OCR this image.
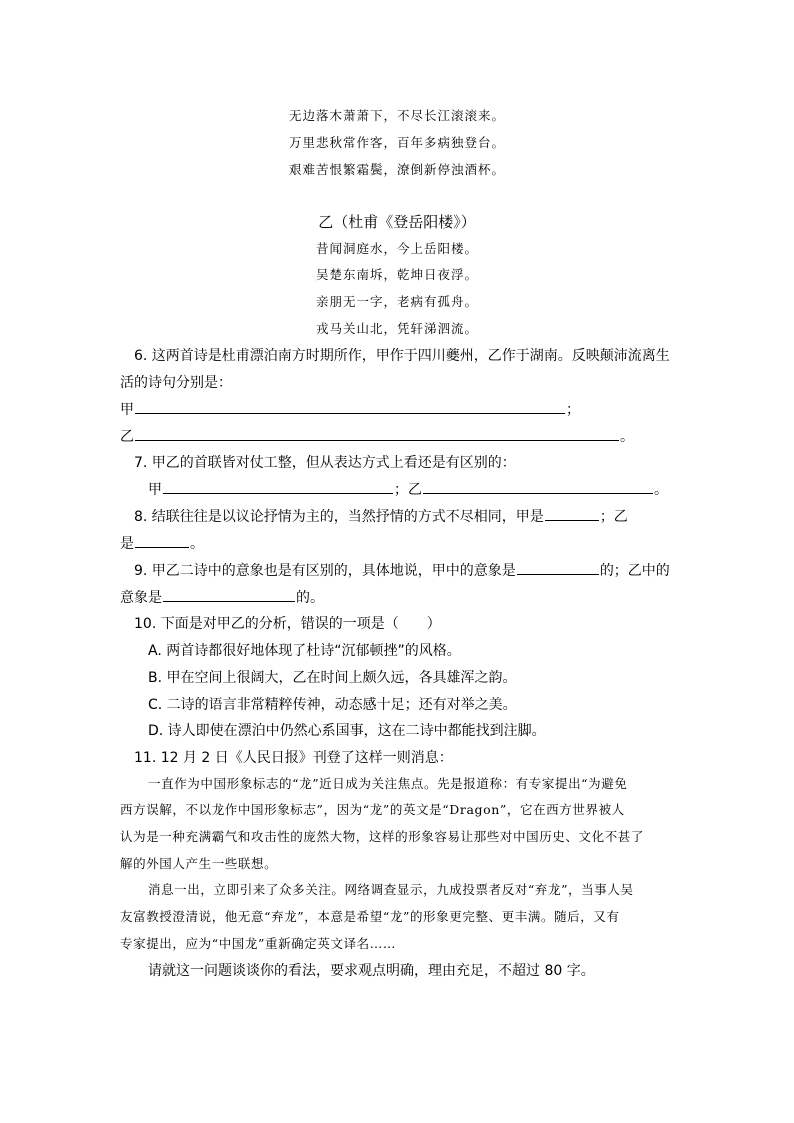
无边落木萧萧下，不尽长江滚滚来。
万里悲秋常作客，百年多病独登台。
艰难苦恨繁霜鬓，潦倒新停浊酒杯。
乙（杜甫《登岳阳楼》）
昔闻洞庭水，今上岳阳楼。
吴楚东南坼，乾坤日夜浮。
亲朋无一字，老病有孤舟。
戎马关山北，凭轩涕泗流。
6. 这两首诗是杜甫漂泊南方时期所作，甲作于四川夔州，乙作于湖南。反映颠沛流离生
活的诗句分别是：
甲	；
乙	。
7. 甲乙的首联皆对仗工整，但从表达方式上看还是有区别的：
甲	；乙	。
8. 结联往往是以议论抒情为主的，当然抒情的方式不尽相同，甲是	；乙
是	。
9. 甲乙二诗中的意象也是有区别的，具体地说，甲中的意象是	的；乙中的
意象是	的。
10. 下面是对甲乙的分析，错误的一项是（　　）
A. 两首诗都很好地体现了杜诗“沉郁顿挫”的风格。
B. 甲在空间上很阔大，乙在时间上颇久远，各具雄浑之韵。
C. 二诗的语言非常精粹传神，动态感十足；还有对举之美。
D. 诗人即使在漂泊中仍然心系国事，这在二诗中都能找到注脚。
11. 12 月 2 日《人民日报》刊登了这样一则消息：
一直作为中国形象标志的“龙”近日成为关注焦点。先是报道称：有专家提出“为避免
西方误解，不以龙作中国形象标志”，因为“龙”的英文是“Dragon”，它在西方世界被人
认为是一种充满霸气和攻击性的庞然大物，这样的形象容易让那些对中国历史、文化不甚了
解的外国人产生一些联想。
消息一出，立即引来了众多关注。网络调查显示，九成投票者反对“弃龙”，当事人吴
友富教授澄清说，他无意“弃龙”，本意是希望“龙”的形象更完整、更丰满。随后，又有
专家提出，应为“中国龙”重新确定英文译名……
请就这一问题谈谈你的看法，要求观点明确，理由充足，不超过 80 字。
